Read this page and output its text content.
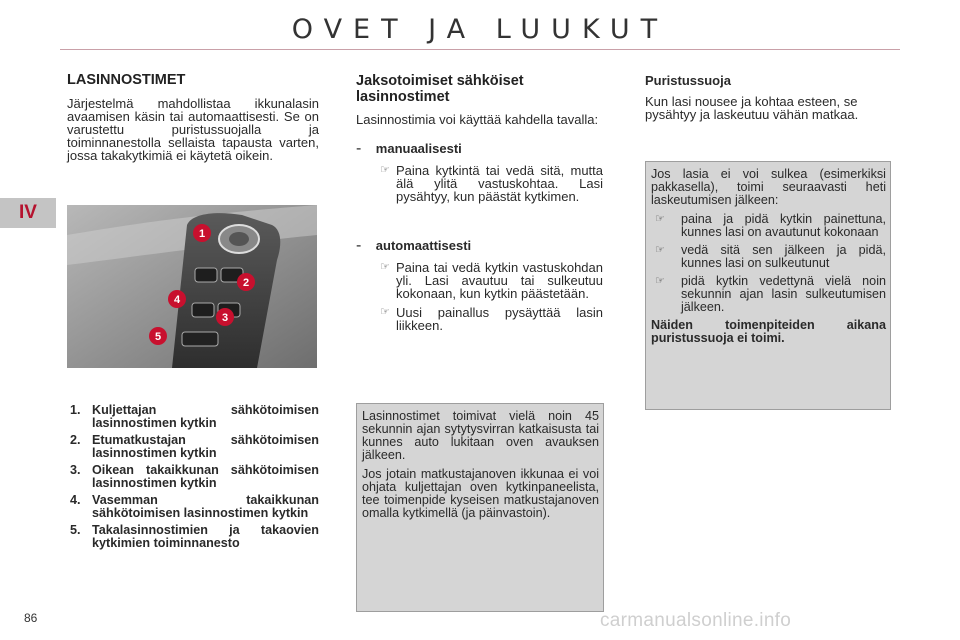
OVET JA LUUKUT
IV
LASINNOSTIMET
Järjestelmä mahdollistaa ikkunalasin avaamisen käsin tai automaattisesti. Se on varustettu puristussuojalla ja toiminnanestolla sellaista tapausta varten, jossa takakytkimiä ei käytetä oikein.
1
2
3
4
5
1. Kuljettajan sähkötoimisen lasinnostimen kytkin
2. Etumatkustajan sähkötoimisen lasinnostimen kytkin
3. Oikean takaikkunan sähkötoimisen lasinnostimen kytkin
4. Vasemman takaikkunan sähkötoimisen lasinnostimen kytkin
5. Takalasinnostimien ja takaovien kytkimien toiminnanesto
Jaksotoimiset sähköiset lasinnostimet
Lasinnostimia voi käyttää kahdella tavalla:
- manuaalisesti
☞ Paina kytkintä tai vedä sitä, mutta älä ylitä vastuskohtaa. Lasi pysähtyy, kun päästät kytkimen.
- automaattisesti
☞ Paina tai vedä kytkin vastuskohdan yli. Lasi avautuu tai sulkeutuu kokonaan, kun kytkin päästetään.
☞ Uusi painallus pysäyttää lasin liikkeen.

Lasinnostimet toimivat vielä noin 45 sekunnin ajan sytytysvirran katkaisusta tai kunnes auto lukitaan oven avauksen jälkeen.

Jos jotain matkustajanoven ikkunaa ei voi ohjata kuljettajan oven kytkinpaneelista, tee toimenpide kyseisen matkustajanoven omalla kytkimellä (ja päinvastoin).

Puristussuoja
Kun lasi nousee ja kohtaa esteen, se pysähtyy ja laskeutuu vähän matkaa.

Jos lasia ei voi sulkea (esimerkiksi pakkasella), toimi seuraavasti heti laskeutumisen jälkeen:

☞ paina ja pidä kytkin painettuna, kunnes lasi on avautunut kokonaan
☞ vedä sitä sen jälkeen ja pidä, kunnes lasi on sulkeutunut
☞ pidä kytkin vedettynä vielä noin sekunnin ajan lasin sulkeutumisen jälkeen.

Näiden toimenpiteiden aikana puristussuoja ei toimi.

86	carmanualsonline.info
